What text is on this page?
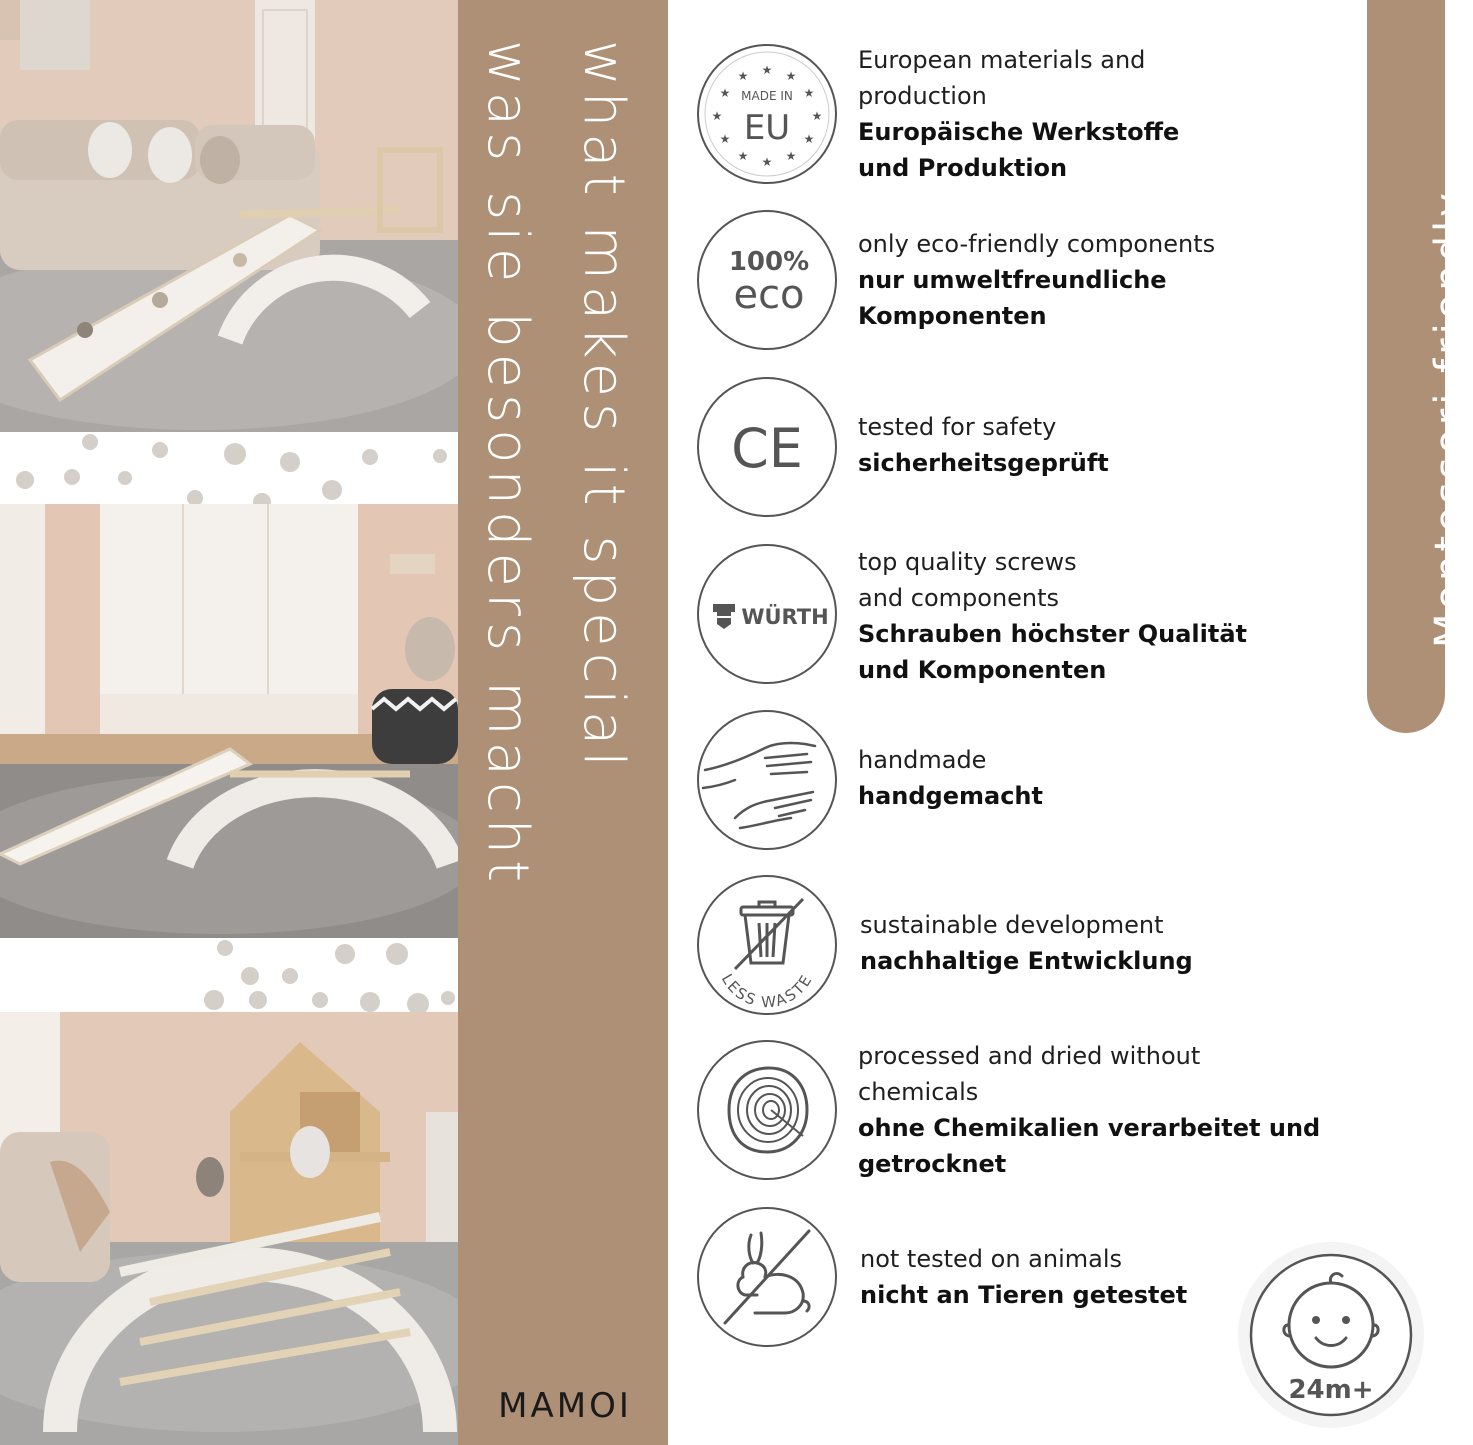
what makes it special
was sie besonders macht
MAMOI
★ ★
★
★
★
★
★
★
★
★
★
★
MADE IN
EU
European materials and
production
Europäische Werkstoffe
und Produktion
100%
eco
only eco-friendly components
nur umweltfreundliche
Komponenten
CE tested for safety
sicherheitsgeprüft
WÜRTH
top quality screws
and components
Schrauben höchster Qualität
und Komponenten
handmade
handgemacht
LESS WASTE
sustainable development
nachhaltige Entwicklung
processed and dried without
chemicals
ohne Chemikalien verarbeitet und
getrocknet
not tested on animals
nicht an Tieren getestet
Montessori friendly
24m+
